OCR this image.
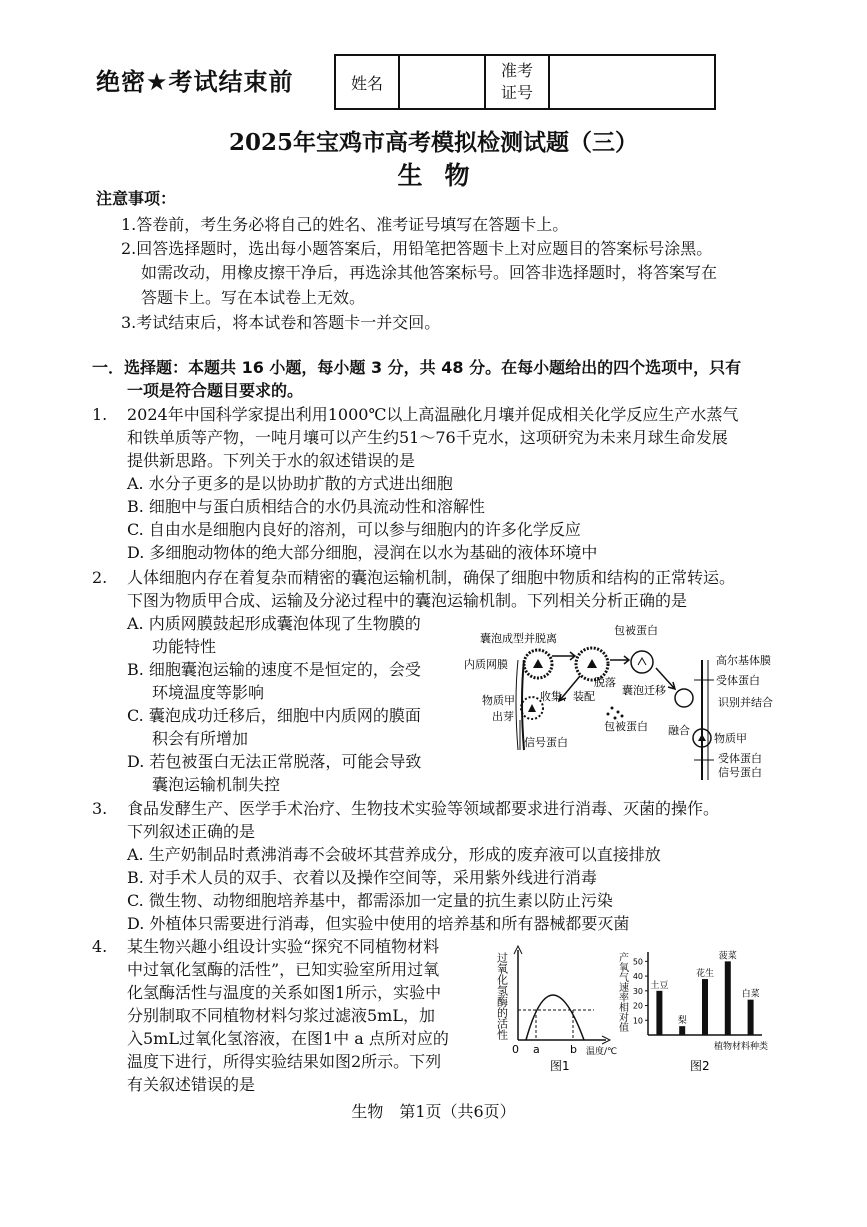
绝密★考试结束前	姓名		
准考
证号

2025年宝鸡市高考模拟检测试题（三）
生物
注意事项：
1.答卷前，考生务必将自己的姓名、准考证号填写在答题卡上。
2.回答选择题时，选出每小题答案后，用铅笔把答题卡上对应题目的答案标号涂黑。
如需改动，用橡皮擦干净后，再选涂其他答案标号。回答非选择题时，将答案写在
答题卡上。写在本试卷上无效。
3.考试结束后，将本试卷和答题卡一并交回。
一．选择题：本题共 16 小题，每小题 3 分，共 48 分。在每小题给出的四个选项中，只有
一项是符合题目要求的。
1. 2024年中国科学家提出利用1000℃以上高温融化月壤并促成相关化学反应生产水蒸气
和铁单质等产物，一吨月壤可以产生约51～76千克水，这项研究为未来月球生命发展
提供新思路。下列关于水的叙述错误的是
A. 水分子更多的是以协助扩散的方式进出细胞
B. 细胞中与蛋白质相结合的水仍具流动性和溶解性
C. 自由水是细胞内良好的溶剂，可以参与细胞内的许多化学反应
D. 多细胞动物体的绝大部分细胞，浸润在以水为基础的液体环境中
2. 人体细胞内存在着复杂而精密的囊泡运输机制，确保了细胞中物质和结构的正常转运。
下图为物质甲合成、运输及分泌过程中的囊泡运输机制。下列相关分析正确的是
A. 内质网膜鼓起形成囊泡体现了生物膜的
功能特性
B. 细胞囊泡运输的速度不是恒定的，会受
环境温度等影响
C. 囊泡成功迁移后，细胞中内质网的膜面
积会有所增加
D. 若包被蛋白无法正常脱落，可能会导致
囊泡运输机制失控
囊泡成型并脱离
包被蛋白
内质网膜	高尔基体膜
受体蛋白
识别并结合
物质甲
出芽
收集、装配
脱落
囊泡迁移
包被蛋白
信号蛋白
融合
物质甲
受体蛋白
信号蛋白
3. 食品发酵生产、医学手术治疗、生物技术实验等领域都要求进行消毒、灭菌的操作。
下列叙述正确的是
A. 生产奶制品时煮沸消毒不会破坏其营养成分，形成的废弃液可以直接排放
B. 对手术人员的双手、衣着以及操作空间等，采用紫外线进行消毒
C. 微生物、动物细胞培养基中，都需添加一定量的抗生素以防止污染
D. 外植体只需要进行消毒，但实验中使用的培养基和所有器械都要灭菌
4. 某生物兴趣小组设计实验“探究不同植物材料
中过氧化氢酶的活性”，已知实验室所用过氧
化氢酶活性与温度的关系如图1所示，实验中
分别制取不同植物材料匀浆过滤液5mL，加
入5mL过氧化氢溶液，在图1中 a 点所对应的
温度下进行，所得实验结果如图2所示。下列
有关叙述错误的是
过氧化氢酶的活性
0 a	b 温度/℃
图1
产氧气速率相对值 10
20
30
40
50
土豆
梨
花生
菠菜
白菜
植物材料种类
图2
生物　第1页（共6页）
